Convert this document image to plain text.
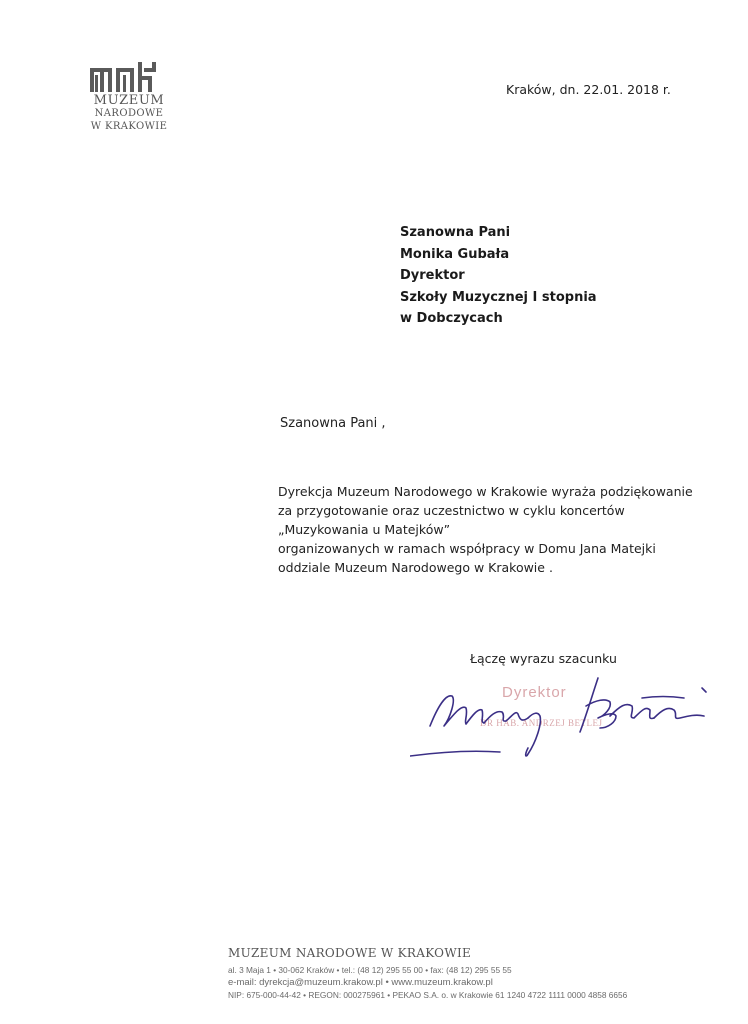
MUZEUM
NARODOWE
W KRAKOWIE
Kraków, dn. 22.01. 2018 r.
Szanowna Pani
Monika Gubała
Dyrektor
Szkoły Muzycznej I stopnia
w Dobczycach
Szanowna Pani ,
Dyrekcja Muzeum Narodowego w Krakowie wyraża podziękowanie
za przygotowanie oraz uczestnictwo w cyklu koncertów
„Muzykowania u Matejków”
organizowanych w ramach współpracy w Domu Jana Matejki
oddziale Muzeum Narodowego w Krakowie .
Łączę wyrazu szacunku
Dyrektor
DR HAB. ANDRZEJ BETLEJ
MUZEUM NARODOWE W KRAKOWIE
al. 3 Maja 1 • 30-062 Kraków • tel.: (48 12) 295 55 00 • fax: (48 12) 295 55 55
e-mail: dyrekcja@muzeum.krakow.pl • www.muzeum.krakow.pl
NIP: 675-000-44-42 • REGON: 000275961 • PEKAO S.A. o. w Krakowie 61 1240 4722 1111 0000 4858 6656
